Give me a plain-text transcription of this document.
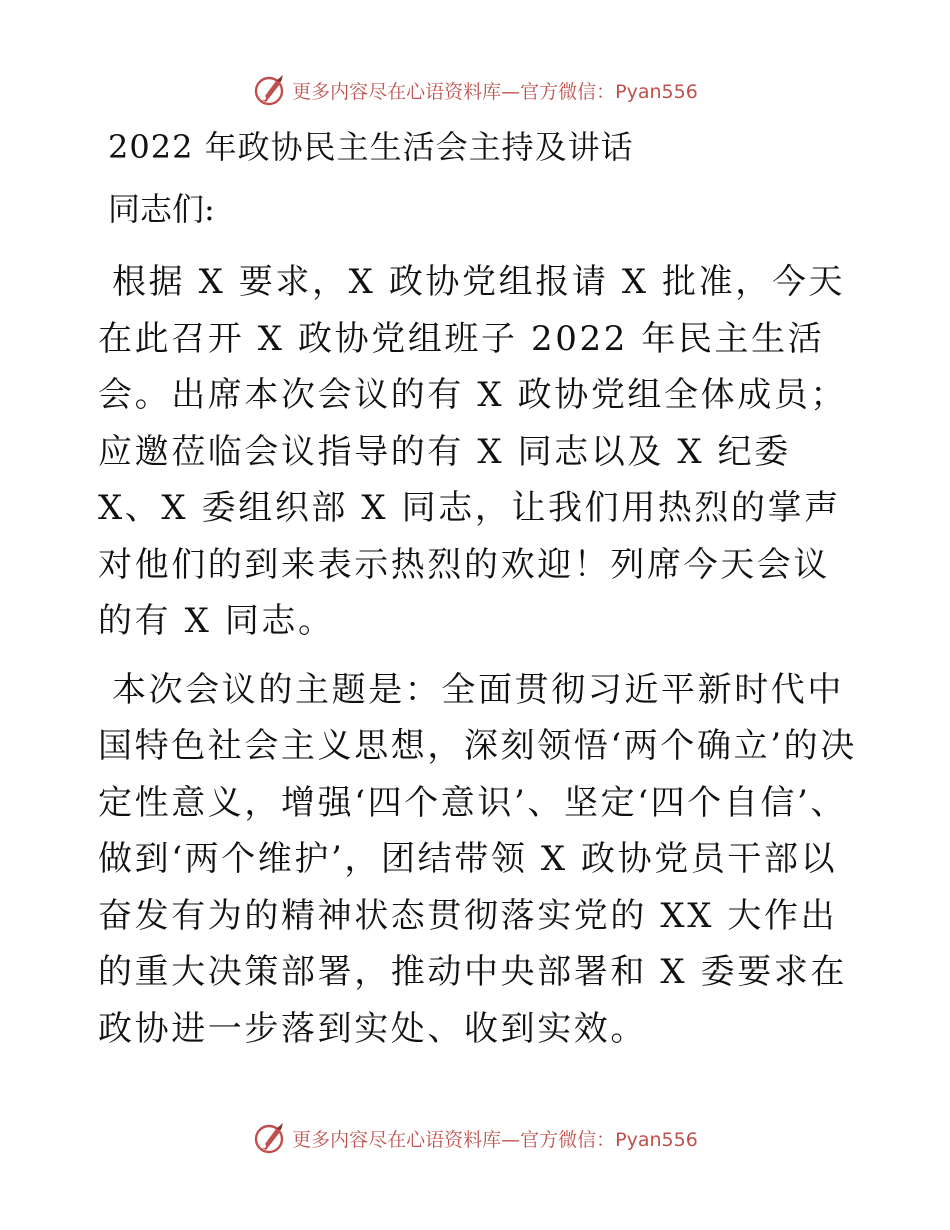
更多内容尽在心语资料库—官方微信：Pyan556
2022 年政协民主生活会主持及讲话
同志们:

根据 X 要求，X 政协党组报请 X 批准，今天在此召开 X 政协党组班子 2022 年民主生活会。出席本次会议的有 X 政协党组全体成员；应邀莅临会议指导的有 X 同志以及 X 纪委 X、X 委组织部 X 同志，让我们用热烈的掌声对他们的到来表示热烈的欢迎！列席今天会议的有 X 同志。

本次会议的主题是：全面贯彻习近平新时代中国特色社会主义思想，深刻领悟‘两个确立’的决定性意义，增强‘四个意识’、坚定‘四个自信’、做到‘两个维护’，团结带领 X 政协党员干部以奋发有为的精神状态贯彻落实党的 XX 大作出的重大决策部署，推动中央部署和 X 委要求在政协进一步落到实处、收到实效。

更多内容尽在心语资料库—官方微信：Pyan556
